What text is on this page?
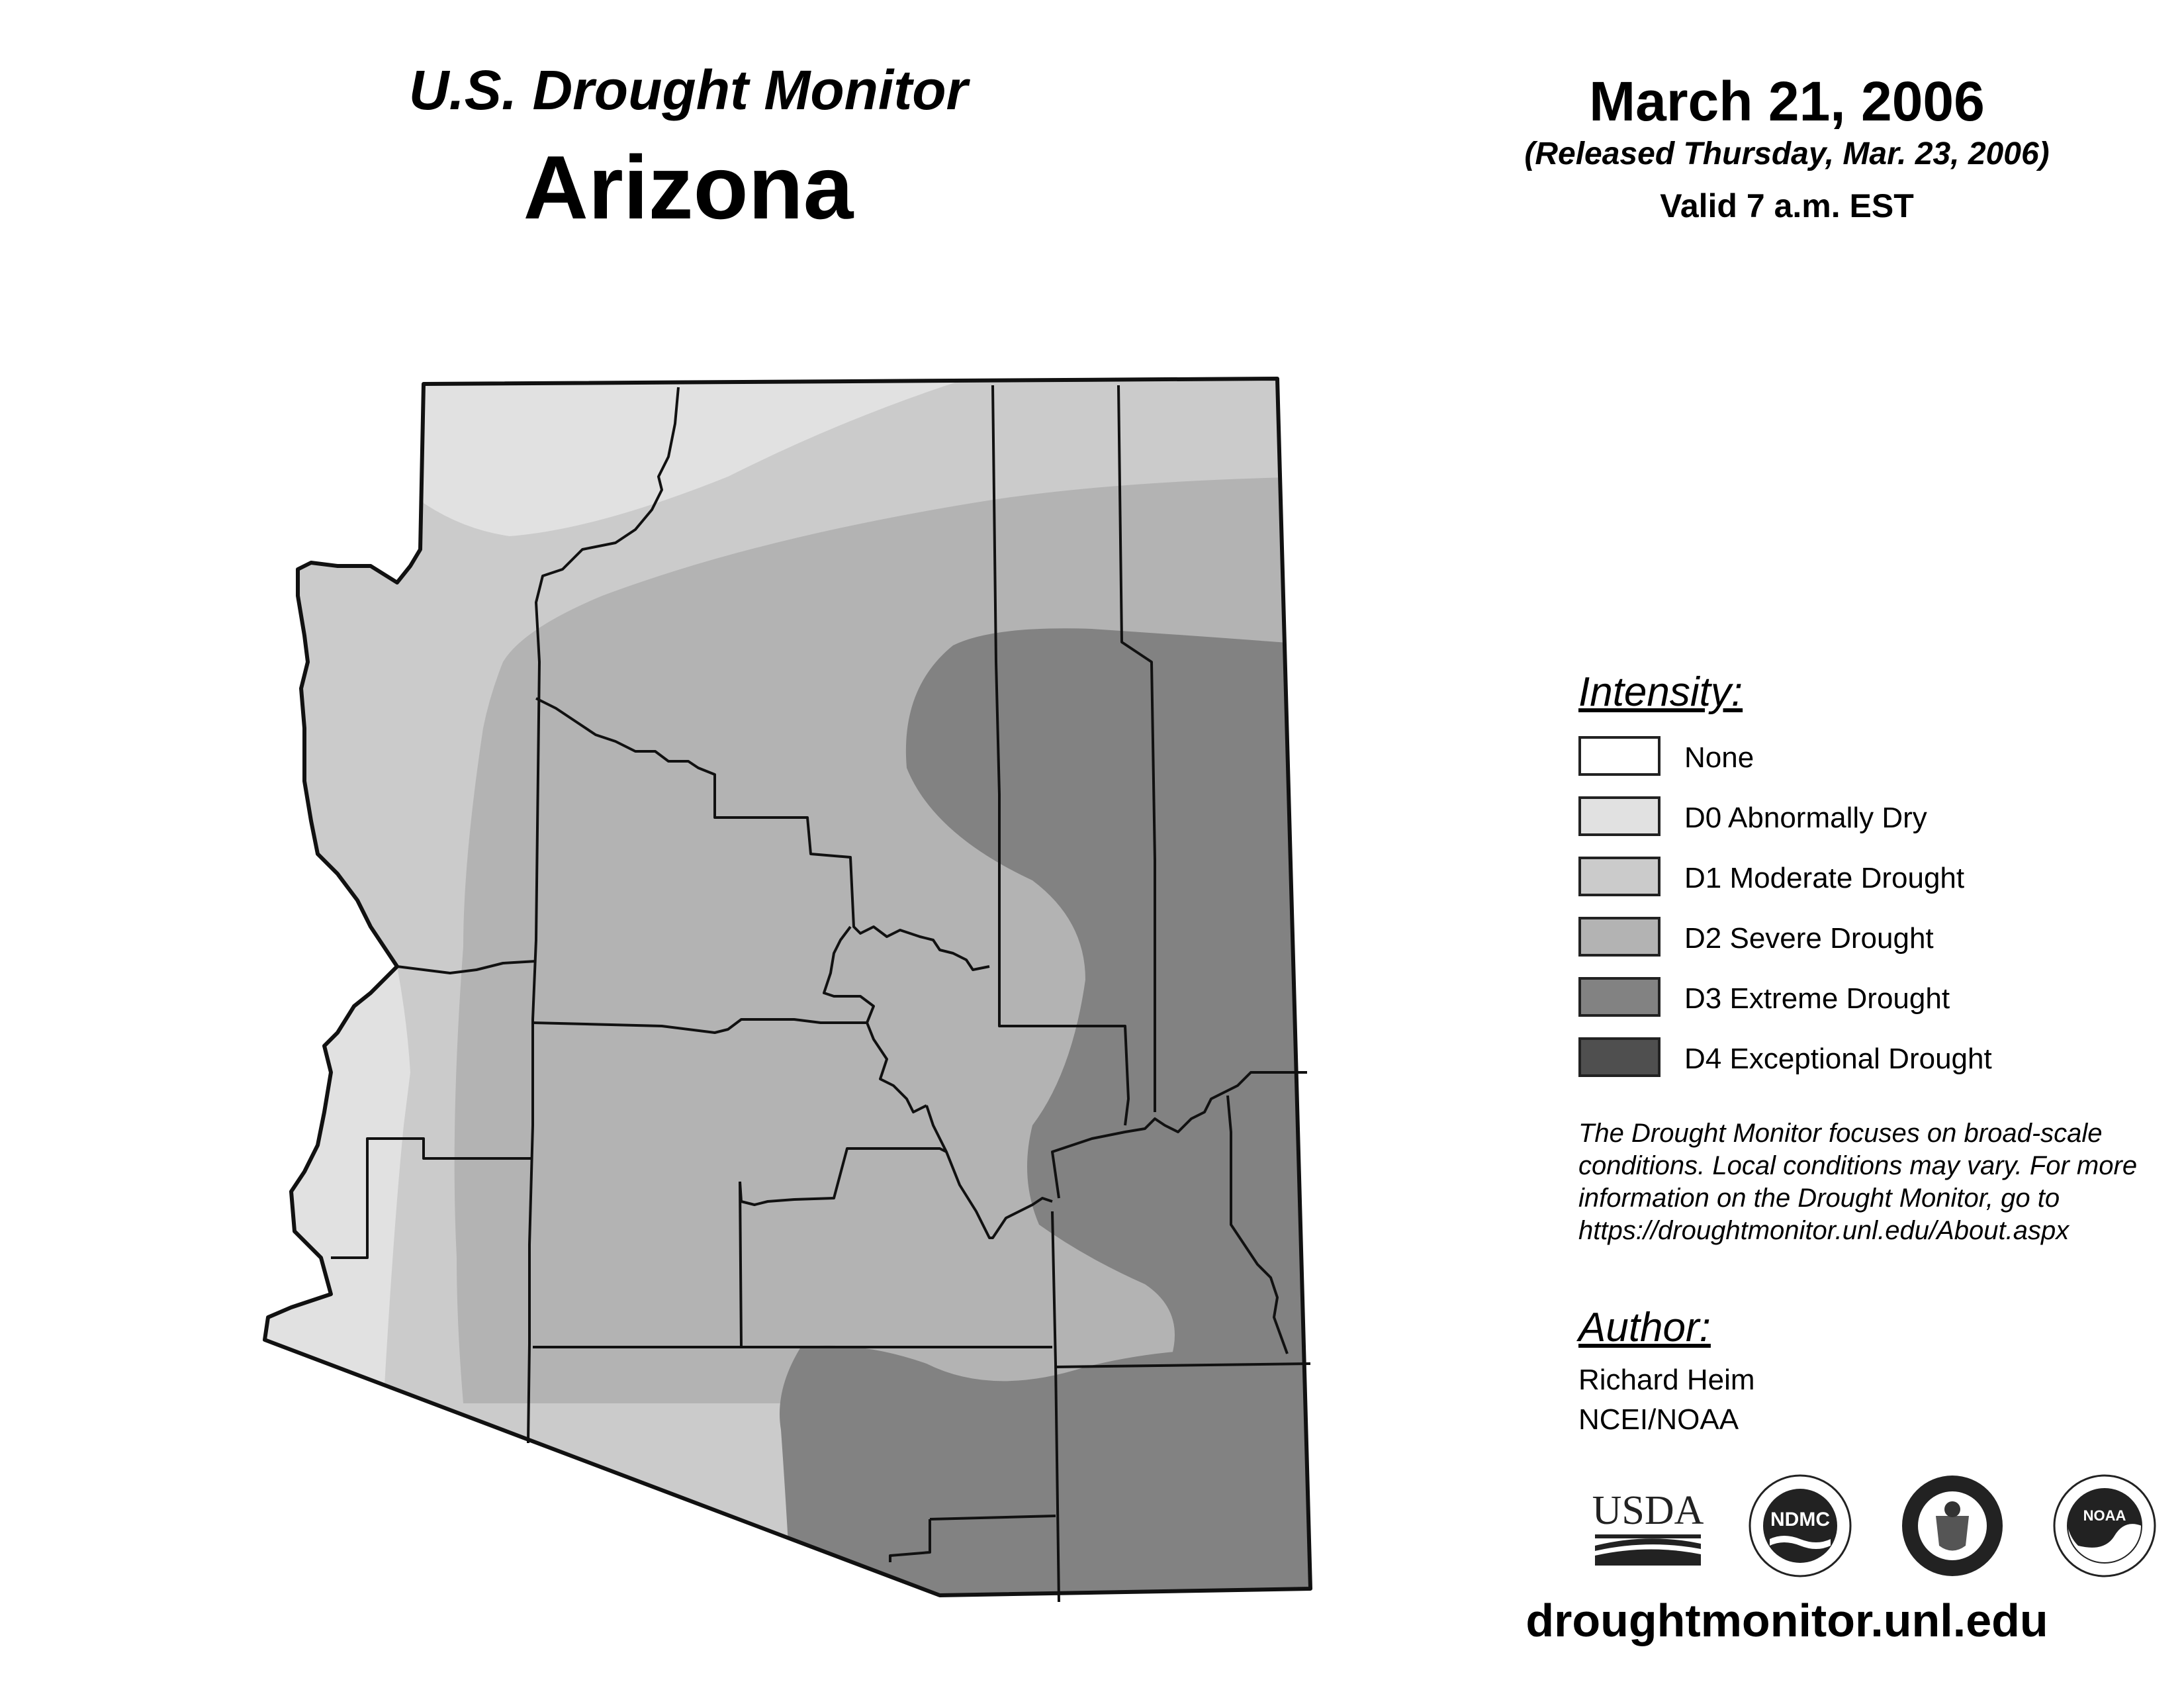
U.S. Drought Monitor
Arizona
March 21, 2006
(Released Thursday, Mar. 23, 2006)
Valid 7 a.m. EST
Intensity:
None
D0 Abnormally Dry
D1 Moderate Drought
D2 Severe Drought
D3 Extreme Drought
D4 Exceptional Drought
The Drought Monitor focuses on broad-scale conditions. Local conditions may vary. For more information on the Drought Monitor, go to https://droughtmonitor.unl.edu/About.aspx
Author:
Richard Heim
NCEI/NOAA
USDA	NDMC	NOAA
droughtmonitor.unl.edu
